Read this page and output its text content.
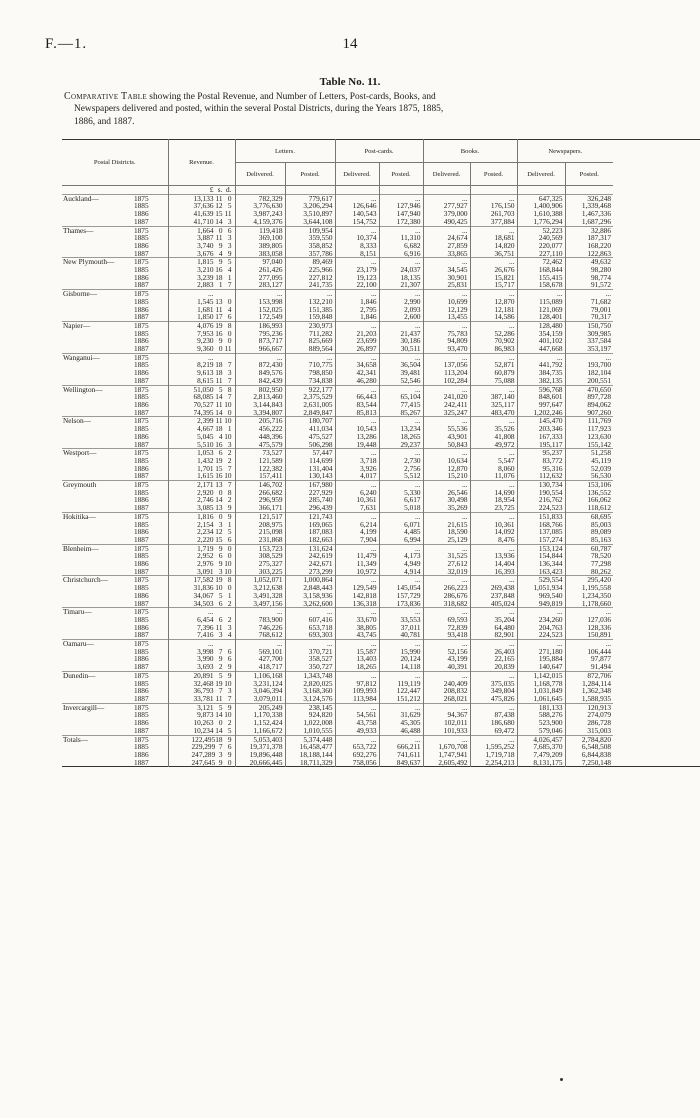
F.—1.	14
Table No. 11.
Comparative Table showing the Postal Revenue, and Number of Letters, Post-cards, Books, and
Newspapers delivered and posted, within the several Postal Districts, during the Years 1875, 1885,
1886, and 1887.
Postal Districts.		Revenue.	Letters.		Post-cards.		Books.		Newspapers.	
			Delivered.	Posted.	Delivered.	Posted.	Delivered.	Posted.	Delivered.	Posted.
		£ s. d.								
Auckland—	1875	13,133 11 0	782,329	779,617	...	...	...	...	647,325	326,248
	1885	37,636 12 5	3,776,630	3,206,294	126,646	127,946	277,927	176,150	1,400,906	1,339,468
	1886	41,639 15 11	3,987,243	3,510,897	140,543	147,940	379,000	261,703	1,610,388	1,467,336
	1887	41,710 14 3	4,159,376	3,644,108	154,752	172,380	490,425	377,884	1,776,294	1,687,296
Thames—	1875	1,664 0 6	119,418	109,954	...	...	...	...	52,223	32,886
	1885	3,887 11 3	369,100	359,550	10,374	11,310	24,674	18,681	240,569	187,317
	1886	3,740 9 3	389,805	358,852	8,333	6,682	27,859	14,820	220,077	168,220
	1887	3,676 4 9	383,058	357,786	8,151	6,916	33,865	36,751	227,110	122,863
New Plymouth—	1875	1,815 9 5	97,040	89,469	...	...	...	...	72,462	49,632
	1885	3,210 16 4	261,426	225,966	23,179	24,037	34,545	26,676	168,844	98,280
	1886	3,239 18 1	277,095	227,812	19,123	18,135	30,901	15,821	155,415	98,774
	1887	2,883 1 7	283,127	241,735	22,100	21,307	25,831	15,717	158,678	91,572
Gisborne—	1875	...	...	...	...	...	...	...	...	...
	1885	1,545 13 0	153,998	132,210	1,846	2,990	10,699	12,870	115,089	71,682
	1886	1,681 11 4	152,025	151,385	2,795	2,093	12,129	12,181	121,069	79,001
	1887	1,850 17 6	172,549	159,848	1,846	2,600	13,455	14,586	128,401	70,317
Napier—	1875	4,076 19 8	186,993	230,973	...	...	...	...	128,480	150,750
	1885	7,953 16 0	795,236	711,282	21,203	21,437	75,783	52,286	354,159	309,985
	1886	9,230 9 0	873,717	825,669	23,699	30,186	94,809	70,902	401,102	337,584
	1887	9,360 0 11	966,667	889,564	26,897	30,511	93,470	86,983	447,668	353,197
Wanganui—	1875	...	...	...	...	...	...	...	...	...
	1885	8,219 18 7	872,430	710,775	34,658	36,504	137,056	52,871	441,792	193,700
	1886	9,613 18 3	849,576	798,850	42,341	39,481	113,204	60,879	384,735	182,104
	1887	8,615 11 7	842,439	734,838	46,280	52,546	102,284	75,088	382,135	200,551
Wellington—	1875	51,050 5 8	802,950	922,177	...	...	...	...	596,768	470,650
	1885	68,085 14 7	2,813,460	2,375,529	66,443	65,104	241,020	387,140	848,601	897,728
	1886	70,527 11 10	3,144,843	2,631,005	83,544	77,415	242,411	325,117	997,647	894,062
	1887	74,395 14 0	3,394,807	2,849,847	85,813	85,267	325,247	483,470	1,202,246	907,260
Nelson—	1875	2,399 11 10	205,716	180,707	...	...	...	...	145,470	111,769
	1885	4,667 18 1	456,222	411,034	10,543	13,234	55,536	35,526	203,346	117,923
	1886	5,045 4 10	448,396	475,527	13,286	18,265	43,901	41,808	167,333	123,630
	1887	5,510 16 3	475,579	506,298	19,448	29,237	50,843	49,972	195,117	155,142
Westport—	1875	1,053 6 2	73,527	57,447	...	...	...	...	95,237	51,258
	1885	1,432 19 2	121,589	114,699	3,718	2,730	10,634	5,547	83,772	45,119
	1886	1,701 15 7	122,382	131,404	3,926	2,756	12,870	8,060	95,316	52,039
	1887	1,615 16 10	157,411	130,143	4,017	5,512	15,210	11,076	112,632	56,530
Greymouth	1875	2,171 13 7	146,702	167,980	...	...	...	...	130,734	153,106
	1885	2,920 0 8	266,682	227,929	6,240	5,330	26,546	14,690	190,554	136,552
	1886	2,746 14 2	296,959	285,740	10,361	6,617	30,498	18,954	216,762	166,062
	1887	3,085 13 9	366,171	296,439	7,631	5,018	35,269	23,725	224,523	118,612
Hokitika—	1875	1,816 0 9	121,517	121,743	...	...	...	...	151,833	68,695
	1885	2,154 3 1	208,975	169,065	6,214	6,071	21,615	10,361	168,766	85,003
	1886	2,234 12 5	215,098	187,083	4,199	4,485	18,590	14,092	137,085	89,089
	1887	2,220 15 6	231,868	182,663	7,904	6,994	25,129	8,476	157,274	85,163
Blenheim—	1875	1,719 9 0	153,723	131,624	...	...	...	...	153,124	60,787
	1885	2,952 6 0	308,529	242,619	11,479	4,173	31,525	13,936	154,844	78,520
	1886	2,976 9 10	275,327	242,671	11,349	4,949	27,612	14,404	136,344	77,298
	1887	3,091 3 10	303,225	273,299	10,972	4,914	32,019	16,393	163,423	80,262
Christchurch—	1875	17,582 19 8	1,052,071	1,000,864	...	...	...	...	529,554	295,420
	1885	31,836 10 0	3,212,638	2,848,443	129,549	145,054	266,223	269,438	1,051,934	1,195,558
	1886	34,067 5 1	3,491,328	3,158,936	142,818	157,729	286,676	237,848	969,540	1,234,350
	1887	34,503 6 2	3,497,156	3,262,600	136,318	173,836	318,682	405,024	949,819	1,178,660
Timaru—	1875	...	...	...	...	...	...	...	...	...
	1885	6,454 6 2	783,900	607,416	33,670	33,553	69,593	35,204	234,260	127,036
	1886	7,396 11 3	746,226	653,718	38,805	37,011	72,839	64,480	204,763	128,336
	1887	7,416 3 4	768,612	693,303	43,745	40,781	93,418	82,901	224,523	150,891
Oamaru—	1875	...	...	...	...	...	...	...	...	...
	1885	3,998 7 6	569,101	370,721	15,587	15,990	52,156	26,403	271,180	106,444
	1886	3,990 9 6	427,700	358,527	13,403	20,124	43,199	22,165	195,884	97,877
	1887	3,693 2 9	418,717	350,727	18,265	14,118	40,391	20,839	140,647	91,494
Dunedin—	1875	20,891 5 9	1,106,168	1,343,748	...	...	...	...	1,142,015	872,706
	1885	32,468 19 10	3,231,124	2,820,025	97,812	119,119	240,409	375,035	1,168,778	1,284,114
	1886	36,793 7 3	3,046,394	3,168,360	109,993	122,447	208,832	349,804	1,031,849	1,362,348
	1887	33,781 11 7	3,079,011	3,124,576	113,984	151,212	268,021	475,826	1,061,645	1,588,935
Invercargill—	1875	3,121 5 9	205,249	238,145	...	...	...	...	181,133	120,913
	1885	9,873 14 10	1,170,338	924,820	54,561	31,629	94,367	87,438	588,276	274,079
	1886	10,263 0 2	1,152,424	1,022,008	43,758	45,305	102,011	186,680	523,900	286,728
	1887	10,234 14 5	1,166,672	1,010,555	49,933	46,488	101,933	69,472	579,046	315,003
Totals—	1875	122,49518 9	5,053,403	5,374,448	...	...	...	...	4,026,457	2,784,820
	1885	229,299 7 6	19,371,378	16,458,477	653,722	666,211	1,670,708	1,595,252	7,685,370	6,548,508
	1886	247,289 3 9	19,896,448	18,188,144	692,276	741,611	1,747,941	1,719,718	7,479,209	6,844,838
	1887	247,645 9 0	20,666,445	18,711,329	758,056	849,637	2,605,492	2,254,213	8,131,175	7,250,148
